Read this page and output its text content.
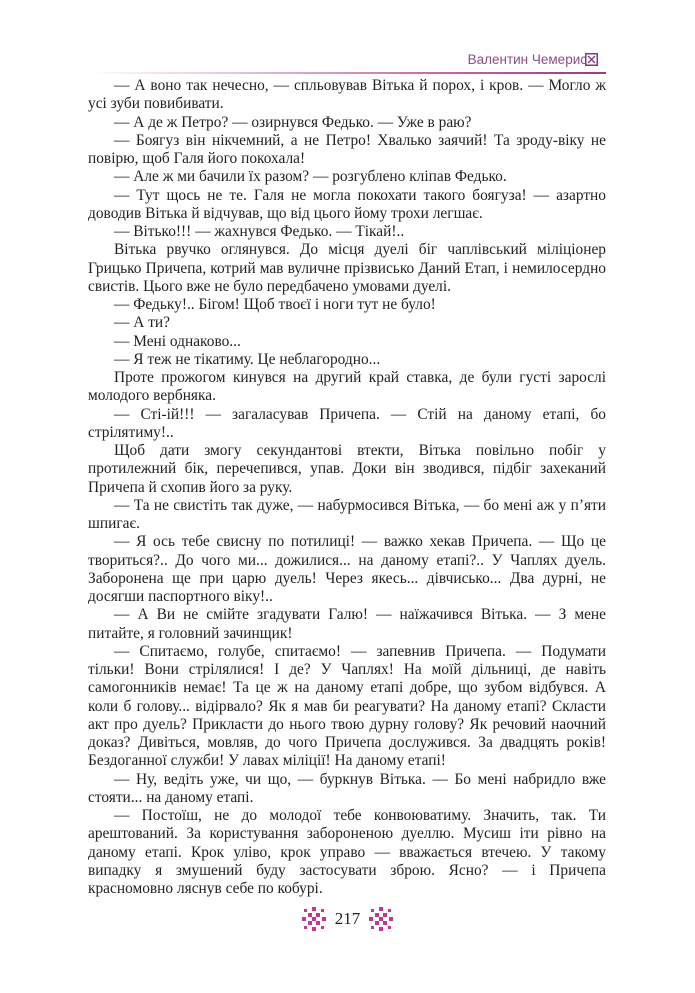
Валентин Чемерис

— А воно так нечесно, — спльовував Вітька й порох, і кров. — Могло ж усі зуби повибивати.

— А де ж Петро? — озирнувся Федько. — Уже в раю?

— Боягуз він нікчемний, а не Петро! Хвалько заячий! Та зроду-віку не повірю, щоб Галя його покохала!

— Але ж ми бачили їх разом? — розгублено кліпав Федько.

— Тут щось не те. Галя не могла покохати такого боягуза! — азартно доводив Вітька й відчував, що від цього йому трохи легшає.

— Вітько!!! — жахнувся Федько. — Тікай!..

Вітька рвучко оглянувся. До місця дуелі біг чаплівський міліціонер Грицько Причепа, котрий мав вуличне прізвисько Даний Етап, і немилосердно свистів. Цього вже не було передбачено умовами дуелі.

— Федьку!.. Бігом! Щоб твоєї і ноги тут не було!

— А ти?

— Мені однаково...

— Я теж не тікатиму. Це неблагородно...

Проте прожогом кинувся на другий край ставка, де були густі зарослі молодого вербняка.

— Сті-ій!!! — загаласував Причепа. — Стій на даному етапі, бо стрілятиму!..

Щоб дати змогу секундантові втекти, Вітька повільно побіг у протилежний бік, перечепився, упав. Доки він зводився, підбіг захеканий Причепа й схопив його за руку.

— Та не свистіть так дуже, — набурмосився Вітька, — бо мені аж у п’яти шпигає.

— Я ось тебе свисну по потилиці! — важко хекав Причепа. — Що це твориться?.. До чого ми... дожилися... на даному етапі?.. У Чаплях дуель. Заборонена ще при царю дуель! Через якесь... дівчисько... Два дурні, не досягши паспортного віку!..

— А Ви не смійте згадувати Галю! — наїжачився Вітька. — З мене питайте, я головний зачинщик!

— Спитаємо, голубе, спитаємо! — запевнив Причепа. — Подумати тільки! Вони стрілялися! І де? У Чаплях! На моїй дільниці, де навіть самогонників немає! Та це ж на даному етапі добре, що зубом відбувся. А коли б голову... відірвало? Як я мав би реагувати? На даному етапі? Скласти акт про дуель? Прикласти до нього твою дурну голову? Як речовий наочний доказ? Дивіться, мовляв, до чого Причепа дослужився. За двадцять років! Бездоганної служби! У лавах міліції! На даному етапі!

— Ну, ведіть уже, чи що, — буркнув Вітька. — Бо мені набридло вже стояти... на даному етапі.

— Постоїш, не до молодої тебе конвоюватиму. Значить, так. Ти арештований. За користування забороненою дуеллю. Мусиш іти рівно на даному етапі. Крок уліво, крок управо — вважається втечею. У такому випадку я змушений буду застосувати зброю. Ясно? — і Причепа красномовно ляснув себе по кобурі.

217
